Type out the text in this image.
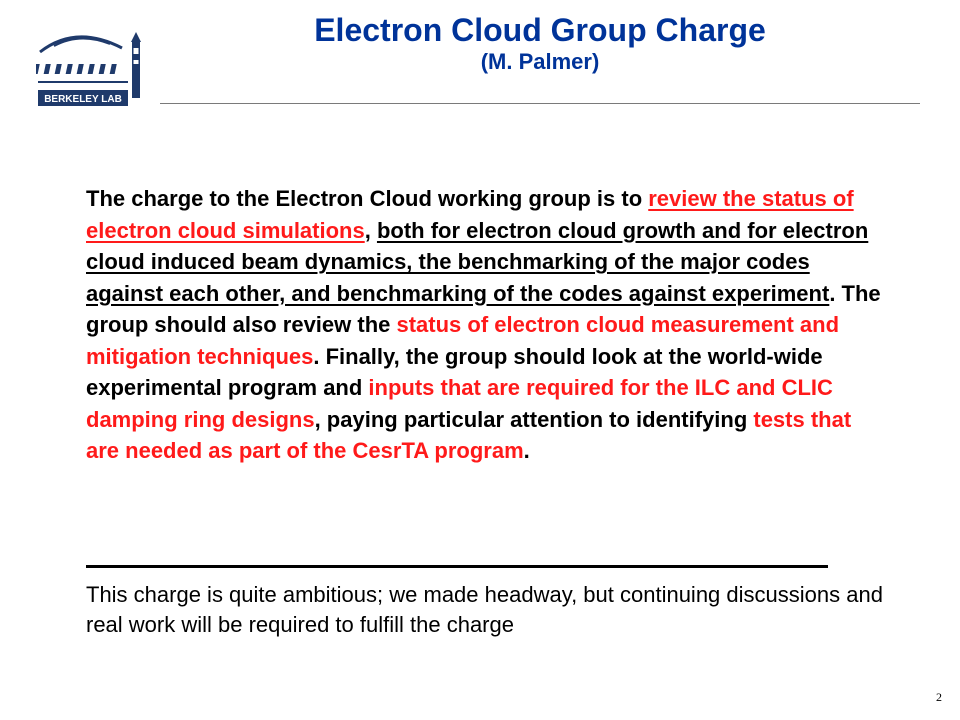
BERKELEY LAB
Electron Cloud Group Charge
(M. Palmer)
The charge to the Electron Cloud working group is to review the status of electron cloud simulations, both for electron cloud growth and for electron cloud induced beam dynamics, the benchmarking of the major codes against each other, and benchmarking of the codes against experiment. The group should also review the status of electron cloud measurement and mitigation techniques. Finally, the group should look at the world-wide experimental program and inputs that are required for the ILC and CLIC damping ring designs, paying particular attention to identifying tests that are needed as part of the CesrTA program.
This charge is quite ambitious; we made headway, but continuing discussions and real work will be required to fulfill the charge
2
